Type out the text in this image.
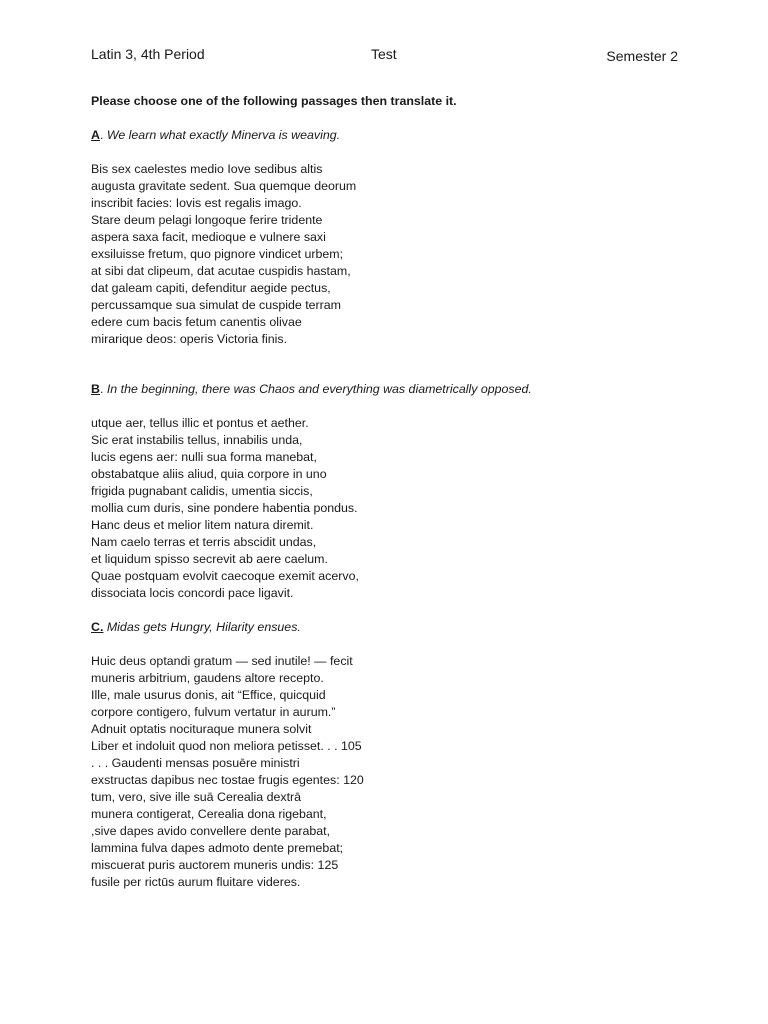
Latin 3, 4th Period	Test	Semester 2

Please choose one of the following passages then translate it.

A. We learn what exactly Minerva is weaving.

Bis sex caelestes medio Iove sedibus altis
augusta gravitate sedent. Sua quemque deorum
inscribit facies: Iovis est regalis imago.
Stare deum pelagi longoque ferire tridente
aspera saxa facit, medioque e vulnere saxi
exsiluisse fretum, quo pignore vindicet urbem;
at sibi dat clipeum, dat acutae cuspidis hastam,
dat galeam capiti, defenditur aegide pectus,
percussamque sua simulat de cuspide terram
edere cum bacis fetum canentis olivae
mirarique deos: operis Victoria finis.

B. In the beginning, there was Chaos and everything was diametrically opposed.

utque aer, tellus illic et pontus et aether.
Sic erat instabilis tellus, innabilis unda,
lucis egens aer: nulli sua forma manebat,
obstabatque aliis aliud, quia corpore in uno
frigida pugnabant calidis, umentia siccis,
mollia cum duris, sine pondere habentia pondus.
Hanc deus et melior litem natura diremit.
Nam caelo terras et terris abscidit undas,
et liquidum spisso secrevit ab aere caelum.
Quae postquam evolvit caecoque exemit acervo,
dissociata locis concordi pace ligavit.

C. Midas gets Hungry, Hilarity ensues.

Huic deus optandi gratum — sed inutile! — fecit
muneris arbitrium, gaudens altore recepto.
Ille, male usurus donis, ait “Effice, quicquid
corpore contigero, fulvum vertatur in aurum.”
Adnuit optatis nocituraque munera solvit
Liber et indoluit quod non meliora petisset. . . 105
. . . Gaudenti mensas posuēre ministri
exstructas dapibus nec tostae frugis egentes: 120
tum, vero, sive ille suā Cerealia dextrā
munera contigerat, Cerealia dona rigebant,
,sive dapes avido convellere dente parabat,
lammina fulva dapes admoto dente premebat;
miscuerat puris auctorem muneris undis: 125
fusile per rictūs aurum fluitare videres.
